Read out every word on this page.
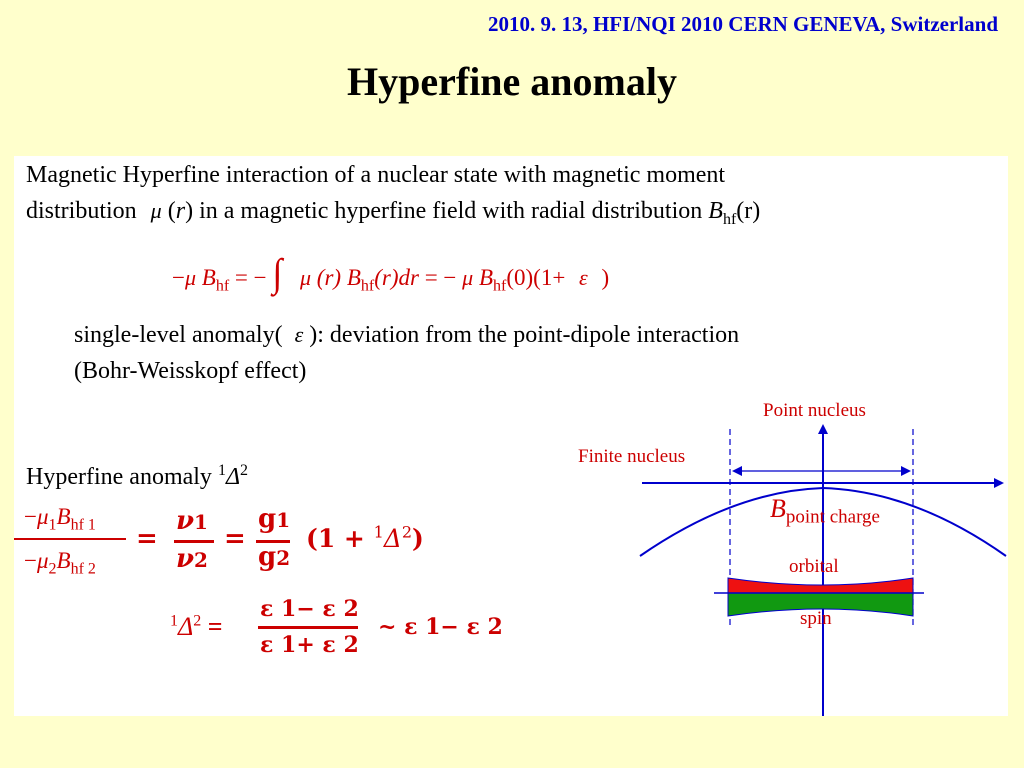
2010. 9. 13, HFI/NQI 2010 CERN GENEVA, Switzerland
Hyperfine anomaly
Magnetic Hyperfine interaction of a nuclear state with magnetic moment
distribution μ (r) in a magnetic hyperfine field with radial distribution $B_{hf}(r)$
−μ $B_{hf}$ = − ∫ μ (r) $B_{hf}(r)dr$ = − μ $B_{hf}(0)(1+ \varepsilon$ )
single-level anomaly( ε ): deviation from the point-dipole interaction
(Bohr-Weisskopf effect)
Hyperfine anomaly $^1\Delta^2$
$-\mu_1B_{hf 1}$
$-\mu_2B_{hf 2}$
=
ν1
ν2
=
g1
g2
$(1 + ^1\Delta^2)$
$^1\Delta^2$ =
ε 1− ε 2
ε 1+ ε 2
~ ε 1− ε 2
Point nucleus
Finite nucleus
$B_{point charge}$
orbital
spin
